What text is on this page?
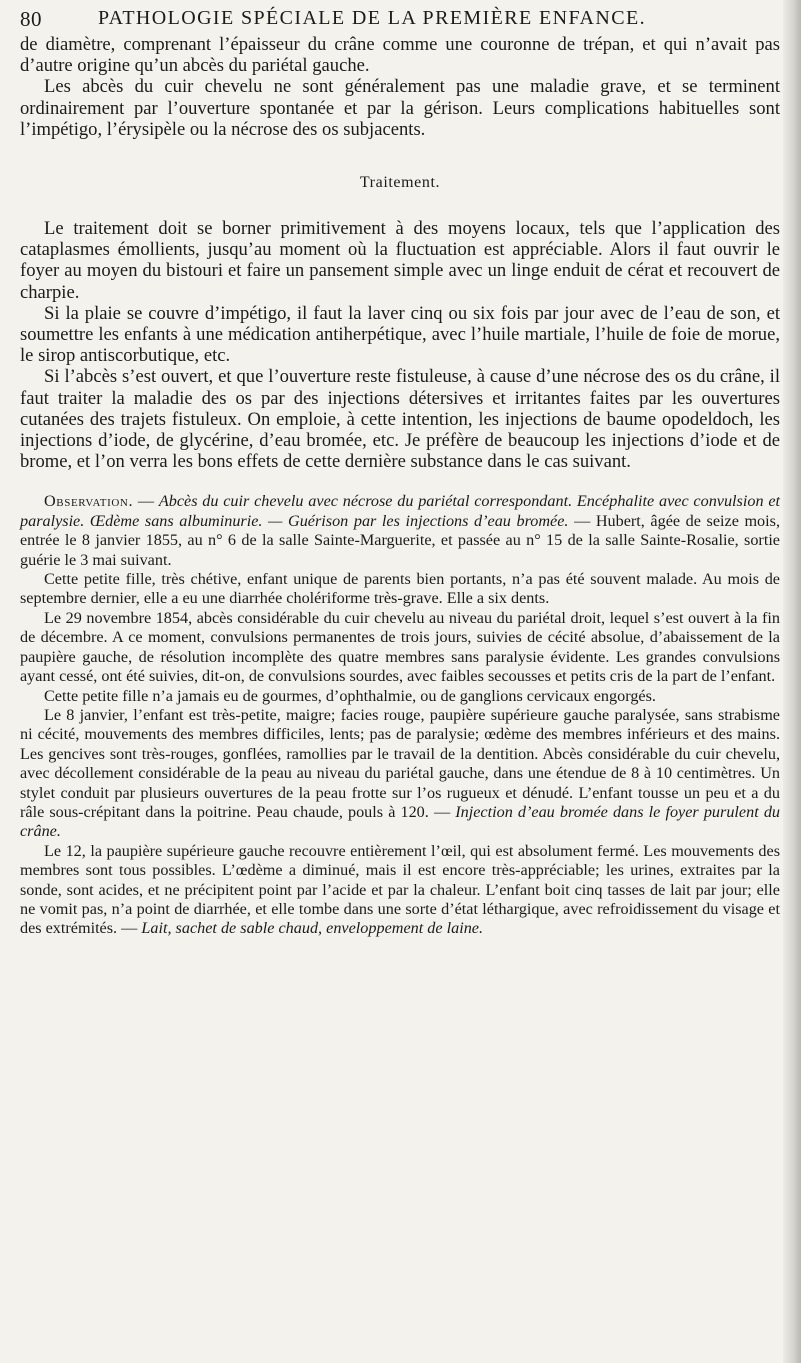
80	PATHOLOGIE SPÉCIALE DE LA PREMIÈRE ENFANCE.

de diamètre, comprenant l’épaisseur du crâne comme une couronne de trépan, et qui n’avait pas d’autre origine qu’un abcès du pariétal gauche.

Les abcès du cuir chevelu ne sont généralement pas une maladie grave, et se terminent ordinairement par l’ouverture spontanée et par la gérison. Leurs complications habituelles sont l’impétigo, l’érysipèle ou la nécrose des os subjacents.

Traitement.

Le traitement doit se borner primitivement à des moyens locaux, tels que l’application des cataplasmes émollients, jusqu’au moment où la fluctuation est appréciable. Alors il faut ouvrir le foyer au moyen du bistouri et faire un pansement simple avec un linge enduit de cérat et recouvert de charpie.

Si la plaie se couvre d’impétigo, il faut la laver cinq ou six fois par jour avec de l’eau de son, et soumettre les enfants à une médication antiherpétique, avec l’huile martiale, l’huile de foie de morue, le sirop antiscorbutique, etc.

Si l’abcès s’est ouvert, et que l’ouverture reste fistuleuse, à cause d’une nécrose des os du crâne, il faut traiter la maladie des os par des injections détersives et irritantes faites par les ouvertures cutanées des trajets fistuleux. On emploie, à cette intention, les injections de baume opodeldoch, les injections d’iode, de glycérine, d’eau bromée, etc. Je préfère de beaucoup les injections d’iode et de brome, et l’on verra les bons effets de cette dernière substance dans le cas suivant.

Observation. — Abcès du cuir chevelu avec nécrose du pariétal correspondant. Encéphalite avec convulsion et paralysie. Œdème sans albuminurie. — Guérison par les injections d’eau bromée. — Hubert, âgée de seize mois, entrée le 8 janvier 1855, au n° 6 de la salle Sainte-Marguerite, et passée au n° 15 de la salle Sainte-Rosalie, sortie guérie le 3 mai suivant.

Cette petite fille, très chétive, enfant unique de parents bien portants, n’a pas été souvent malade. Au mois de septembre dernier, elle a eu une diarrhée cholériforme très-grave. Elle a six dents.

Le 29 novembre 1854, abcès considérable du cuir chevelu au niveau du pariétal droit, lequel s’est ouvert à la fin de décembre. A ce moment, convulsions permanentes de trois jours, suivies de cécité absolue, d’abaissement de la paupière gauche, de résolution incomplète des quatre membres sans paralysie évidente. Les grandes convulsions ayant cessé, ont été suivies, dit-on, de convulsions sourdes, avec faibles secousses et petits cris de la part de l’enfant.

Cette petite fille n’a jamais eu de gourmes, d’ophthalmie, ou de ganglions cervicaux engorgés.

Le 8 janvier, l’enfant est très-petite, maigre; facies rouge, paupière supérieure gauche paralysée, sans strabisme ni cécité, mouvements des membres difficiles, lents; pas de paralysie; œdème des membres inférieurs et des mains. Les gencives sont très-rouges, gonflées, ramollies par le travail de la dentition. Abcès considérable du cuir chevelu, avec décollement considérable de la peau au niveau du pariétal gauche, dans une étendue de 8 à 10 centimètres. Un stylet conduit par plusieurs ouvertures de la peau frotte sur l’os rugueux et dénudé. L’enfant tousse un peu et a du râle sous-crépitant dans la poitrine. Peau chaude, pouls à 120. — Injection d’eau bromée dans le foyer purulent du crâne.

Le 12, la paupière supérieure gauche recouvre entièrement l’œil, qui est absolument fermé. Les mouvements des membres sont tous possibles. L’œdème a diminué, mais il est encore très-appréciable; les urines, extraites par la sonde, sont acides, et ne précipitent point par l’acide et par la chaleur. L’enfant boit cinq tasses de lait par jour; elle ne vomit pas, n’a point de diarrhée, et elle tombe dans une sorte d’état léthargique, avec refroidissement du visage et des extrémités. — Lait, sachet de sable chaud, enveloppement de laine.
